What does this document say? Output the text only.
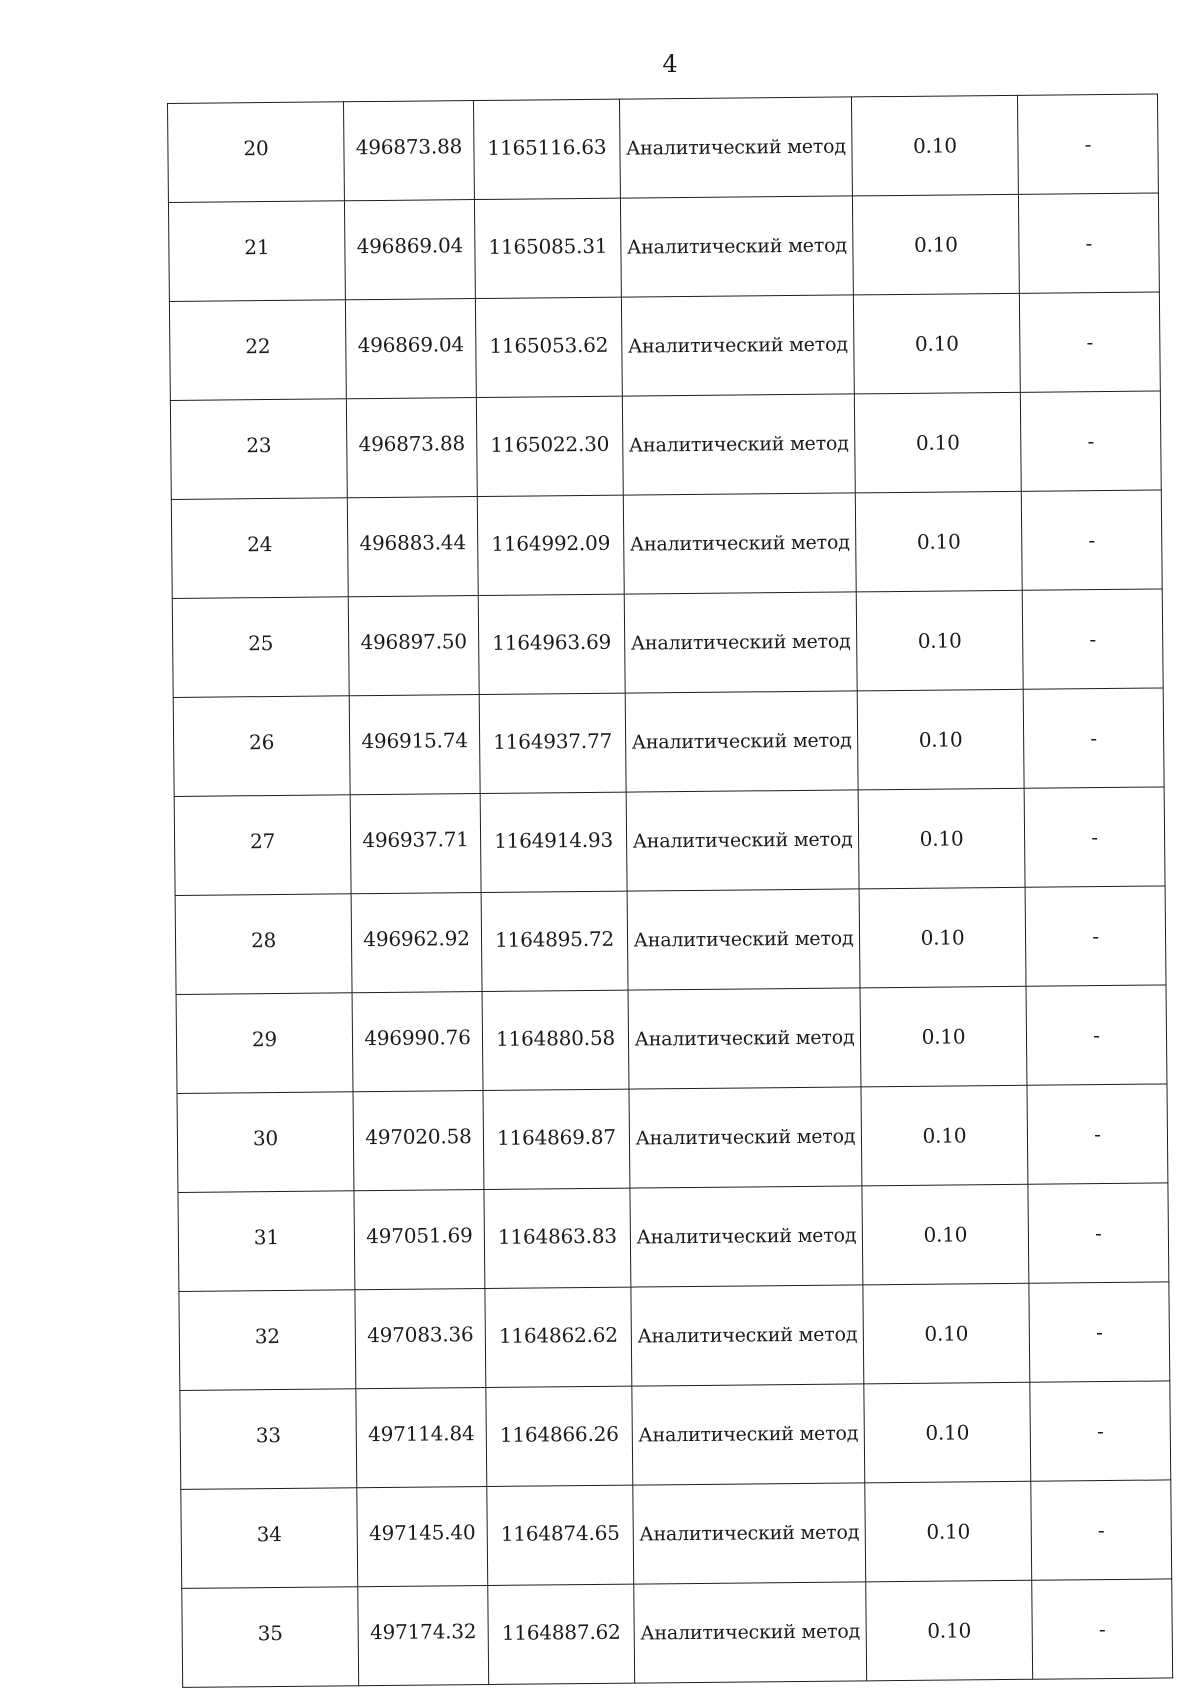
4
20	496873.88	1165116.63	Аналитический метод	0.10	-
21	496869.04	1165085.31	Аналитический метод	0.10	-
22	496869.04	1165053.62	Аналитический метод	0.10	-
23	496873.88	1165022.30	Аналитический метод	0.10	-
24	496883.44	1164992.09	Аналитический метод	0.10	-
25	496897.50	1164963.69	Аналитический метод	0.10	-
26	496915.74	1164937.77	Аналитический метод	0.10	-
27	496937.71	1164914.93	Аналитический метод	0.10	-
28	496962.92	1164895.72	Аналитический метод	0.10	-
29	496990.76	1164880.58	Аналитический метод	0.10	-
30	497020.58	1164869.87	Аналитический метод	0.10	-
31	497051.69	1164863.83	Аналитический метод	0.10	-
32	497083.36	1164862.62	Аналитический метод	0.10	-
33	497114.84	1164866.26	Аналитический метод	0.10	-
34	497145.40	1164874.65	Аналитический метод	0.10	-
35	497174.32	1164887.62	Аналитический метод	0.10	-
